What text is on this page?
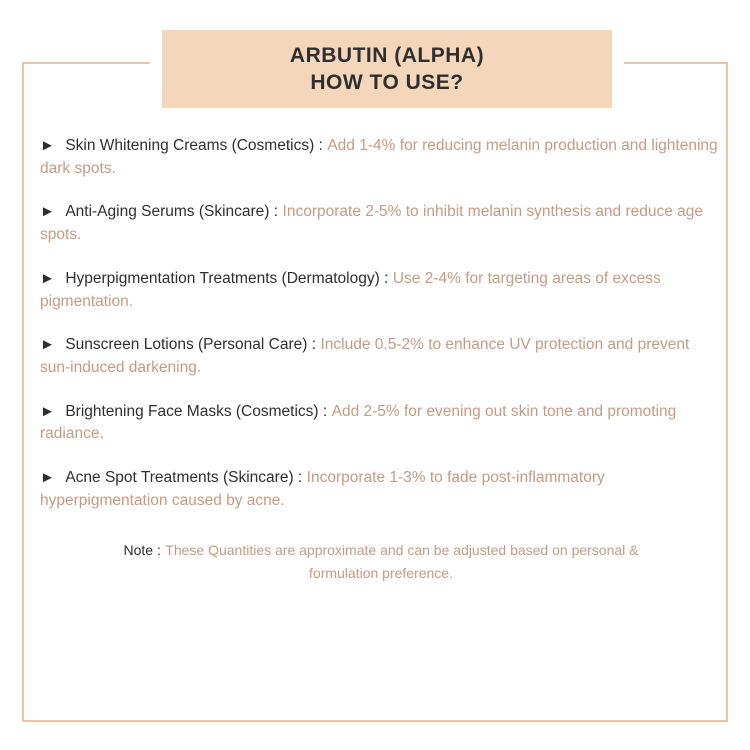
ARBUTIN (ALPHA)
HOW TO USE?
► Skin Whitening Creams (Cosmetics) : Add 1-4% for reducing melanin production and lightening dark spots.
► Anti-Aging Serums (Skincare) : Incorporate 2-5% to inhibit melanin synthesis and reduce age spots.
► Hyperpigmentation Treatments (Dermatology) : Use 2-4% for targeting areas of excess pigmentation.
► Sunscreen Lotions (Personal Care) : Include 0.5-2% to enhance UV protection and prevent sun-induced darkening.
► Brightening Face Masks (Cosmetics) : Add 2-5% for evening out skin tone and promoting radiance.
► Acne Spot Treatments (Skincare) : Incorporate 1-3% to fade post-inflammatory hyperpigmentation caused by acne.
Note : These Quantities are approximate and can be adjusted based on personal & formulation preference.
